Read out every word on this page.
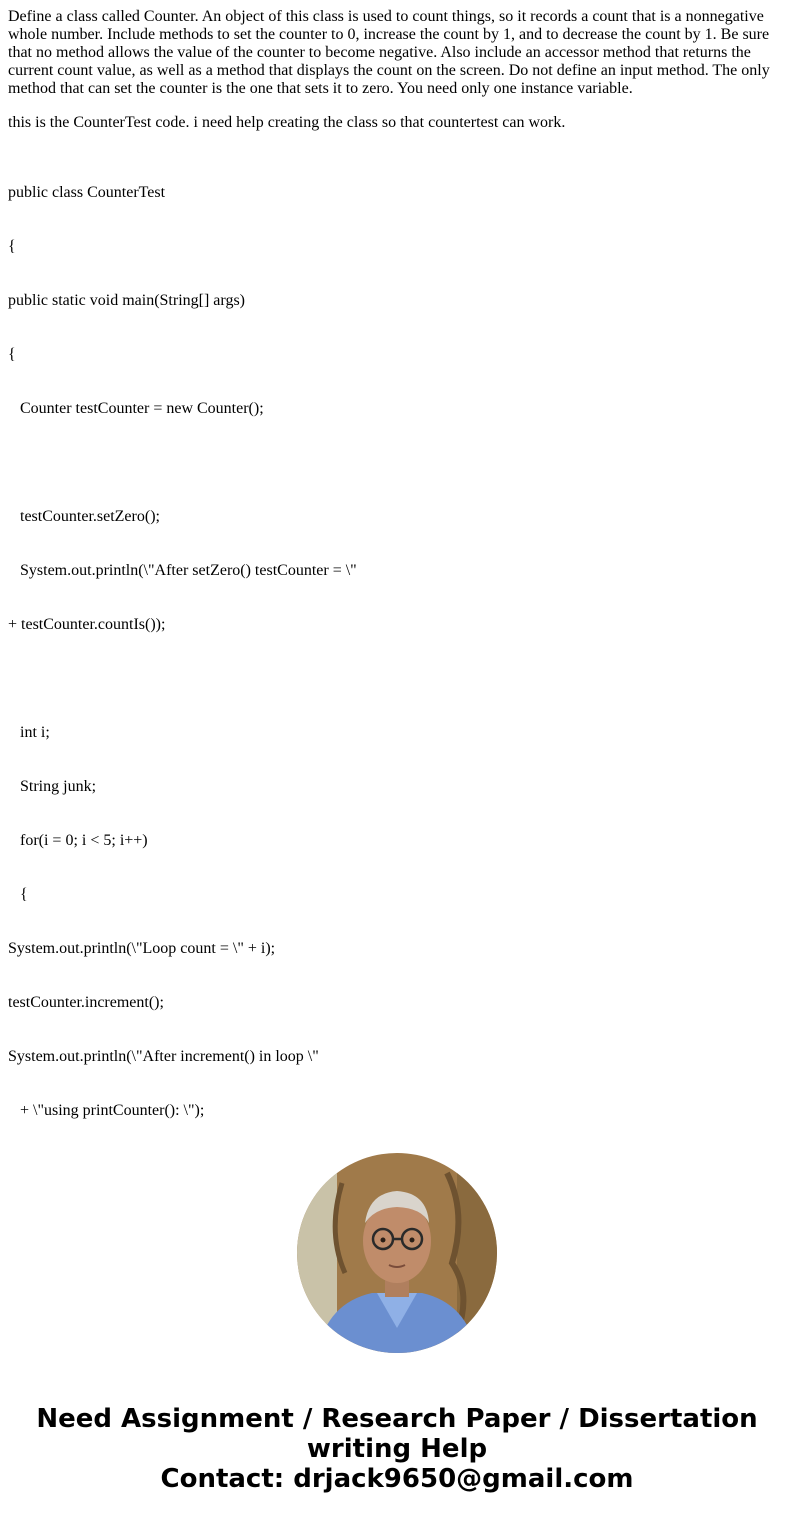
Define a class called Counter. An object of this class is used to count things, so it records a count that is a nonnegative whole number. Include methods to set the counter to 0, increase the count by 1, and to decrease the count by 1. Be sure that no method allows the value of the counter to become negative. Also include an accessor method that returns the current count value, as well as a method that displays the count on the screen. Do not define an input method. The only method that can set the counter is the one that sets it to zero. You need only one instance variable.

this is the CounterTest code. i need help creating the class so that countertest can work.

public class CounterTest

{

public static void main(String[] args)

{

Counter testCounter = new Counter();

testCounter.setZero();

System.out.println(\"After setZero() testCounter = \"

+ testCounter.countIs());

int i;

String junk;

for(i = 0; i < 5; i++)

{

System.out.println(\"Loop count = \" + i);

testCounter.increment();

System.out.println(\"After increment() in loop \"

+ \"using printCounter(): \");

Need Assignment / Research Paper / Dissertation
writing Help
Contact: drjack9650@gmail.com
